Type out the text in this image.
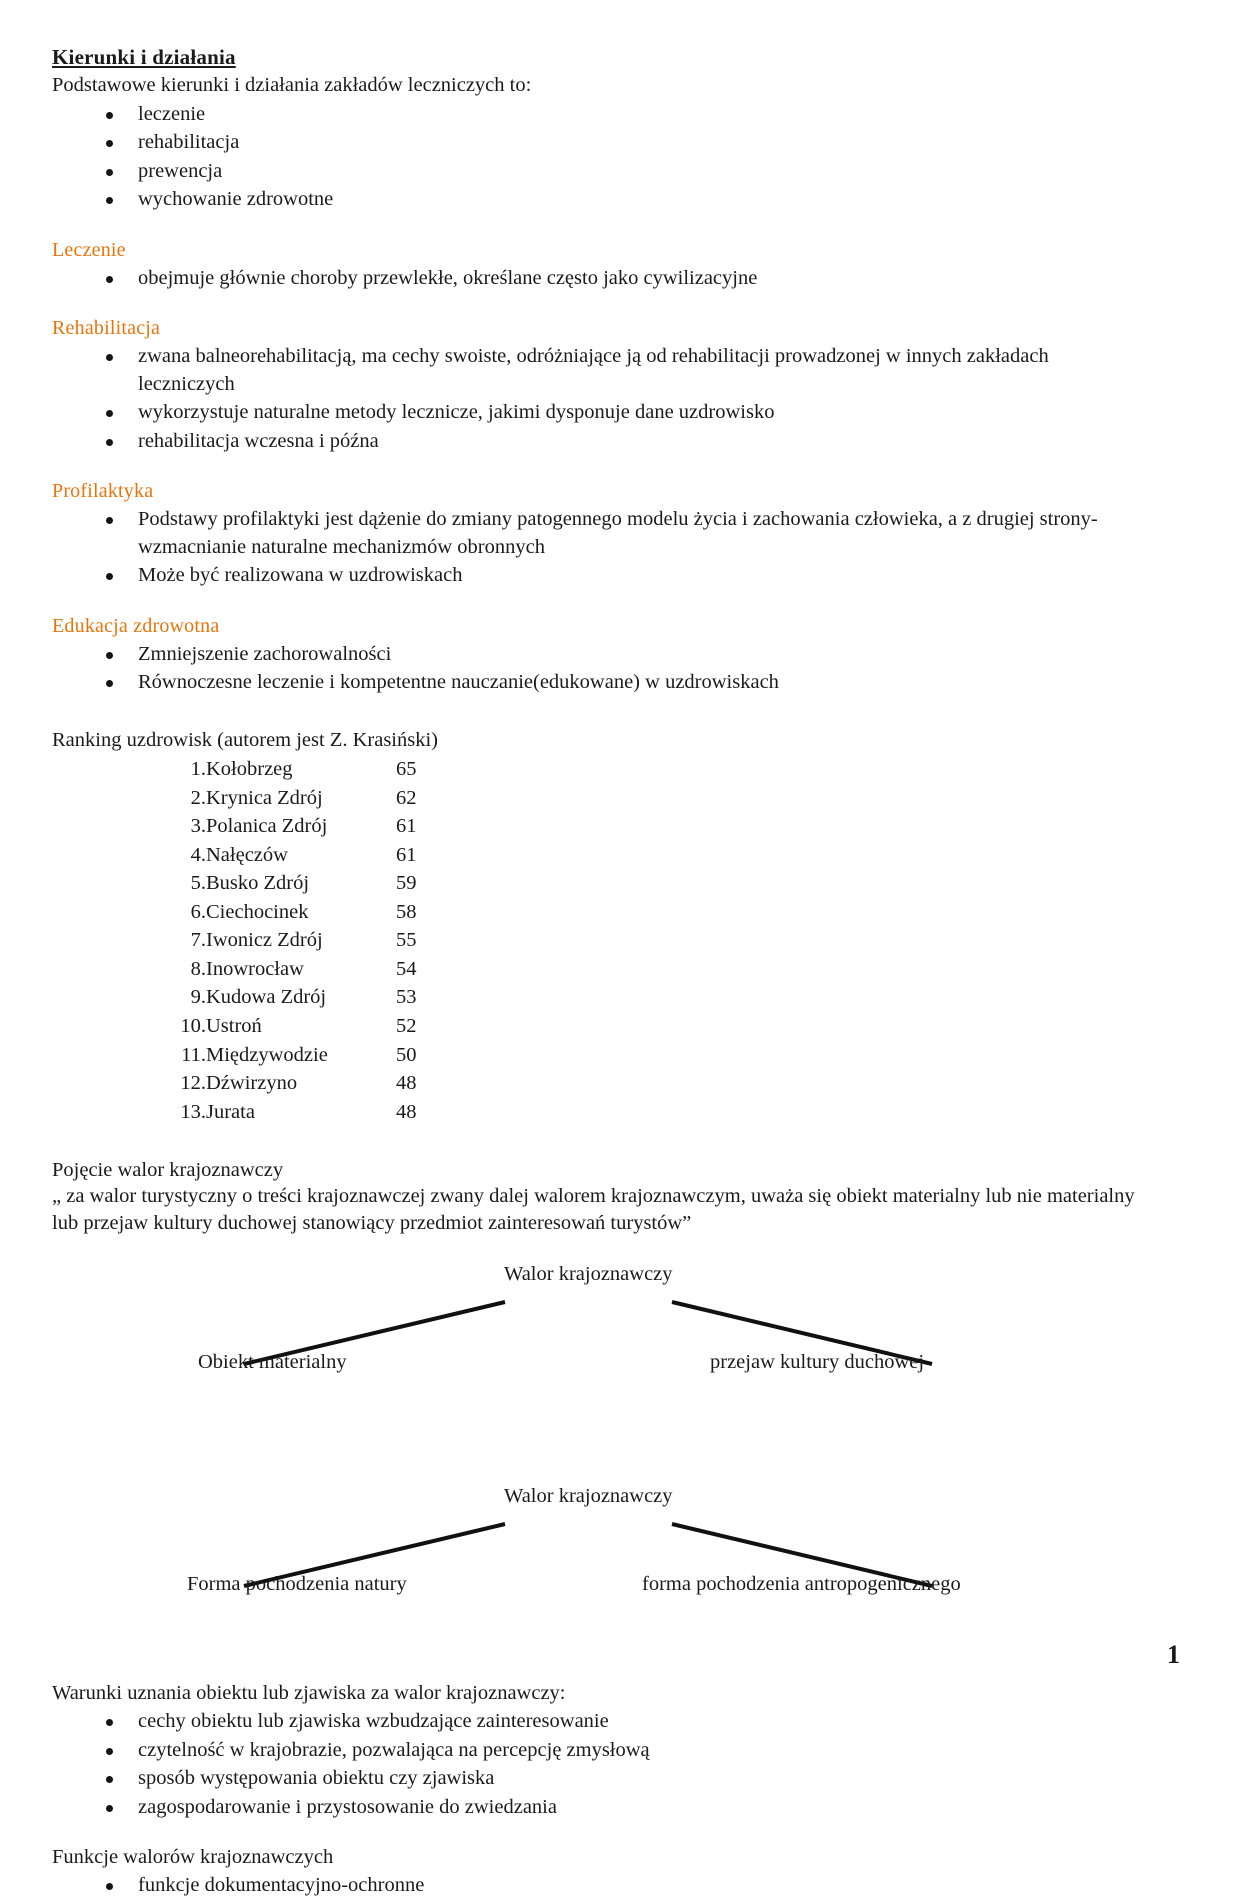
Kierunki i działania

Podstawowe kierunki i działania zakładów leczniczych to:

leczenie
rehabilitacja
prewencja
wychowanie zdrowotne
Leczenie
obejmuje głównie choroby przewlekłe, określane często jako cywilizacyjne
Rehabilitacja
zwana balneorehabilitacją, ma cechy swoiste, odróżniające ją od rehabilitacji prowadzonej w innych zakładach leczniczych
wykorzystuje naturalne metody lecznicze, jakimi dysponuje dane uzdrowisko
rehabilitacja wczesna i późna
Profilaktyka
Podstawy profilaktyki jest dążenie do zmiany patogennego modelu życia i zachowania człowieka, a z drugiej strony- wzmacnianie naturalne mechanizmów obronnych
Może być realizowana w uzdrowiskach
Edukacja zdrowotna
Zmniejszenie zachorowalności
Równoczesne leczenie i kompetentne nauczanie(edukowane) w uzdrowiskach

Ranking uzdrowisk (autorem jest Z. Krasiński)

1.	Kołobrzeg	65
2.	Krynica Zdrój	62
3.	Polanica Zdrój	61
4.	Nałęczów	61
5.	Busko Zdrój	59
6.	Ciechocinek	58
7.	Iwonicz Zdrój	55
8.	Inowrocław	54
9.	Kudowa Zdrój	53
10.	Ustroń	52
11.	Międzywodzie	50
12.	Dźwirzyno	48
13.	Jurata	48

Pojęcie walor krajoznawczy

„ za walor turystyczny o treści krajoznawczej zwany dalej walorem krajoznawczym, uważa się obiekt materialny lub nie materialny

lub przejaw kultury duchowej stanowiący przedmiot zainteresowań turystów”

Walor krajoznawczy
Obiekt materialny	przejaw kultury duchowej
Walor krajoznawczy
Forma pochodzenia natury	forma pochodzenia antropogenicznego

Warunki uznania obiektu lub zjawiska za walor krajoznawczy:

cechy obiektu lub zjawiska wzbudzające zainteresowanie
czytelność w krajobrazie, pozwalająca na percepcję zmysłową
sposób występowania obiektu czy zjawiska
zagospodarowanie i przystosowanie do zwiedzania

Funkcje walorów krajoznawczych

funkcje dokumentacyjno-ochronne
1
